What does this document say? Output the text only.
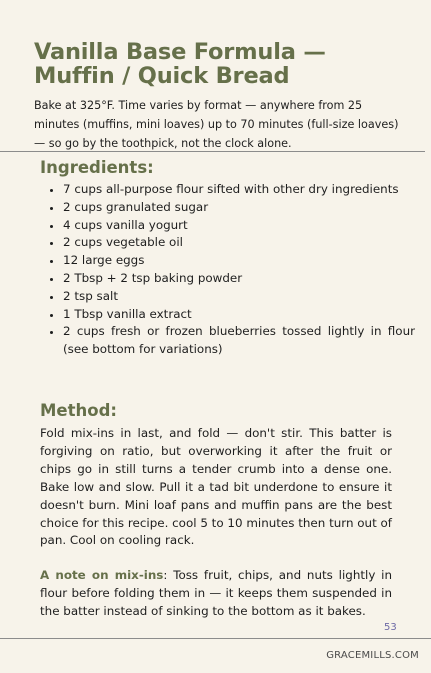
Vanilla Base Formula —
Muffin / Quick Bread

Bake at 325°F. Time varies by format — anywhere from 25 minutes (muffins, mini loaves) up to 70 minutes (full-size loaves) — so go by the toothpick, not the clock alone.

Ingredients:
• 7 cups all-purpose flour sifted with other dry ingredients
• 2 cups granulated sugar
• 4 cups vanilla yogurt
• 2 cups vegetable oil
• 12 large eggs
• 2 Tbsp + 2 tsp baking powder
• 2 tsp salt
• 1 Tbsp vanilla extract
• 2 cups fresh or frozen blueberries tossed lightly in flour (see bottom for variations)
Method:

Fold mix-ins in last, and fold — don't stir. This batter is forgiving on ratio, but overworking it after the fruit or chips go in still turns a tender crumb into a dense one. Bake low and slow. Pull it a tad bit underdone to ensure it doesn't burn. Mini loaf pans and muffin pans are the best choice for this recipe. cool 5 to 10 minutes then turn out of pan. Cool on cooling rack.

A note on mix-ins: Toss fruit, chips, and nuts lightly in flour before folding them in — it keeps them suspended in the batter instead of sinking to the bottom as it bakes.

53
GRACEMILLS.COM
